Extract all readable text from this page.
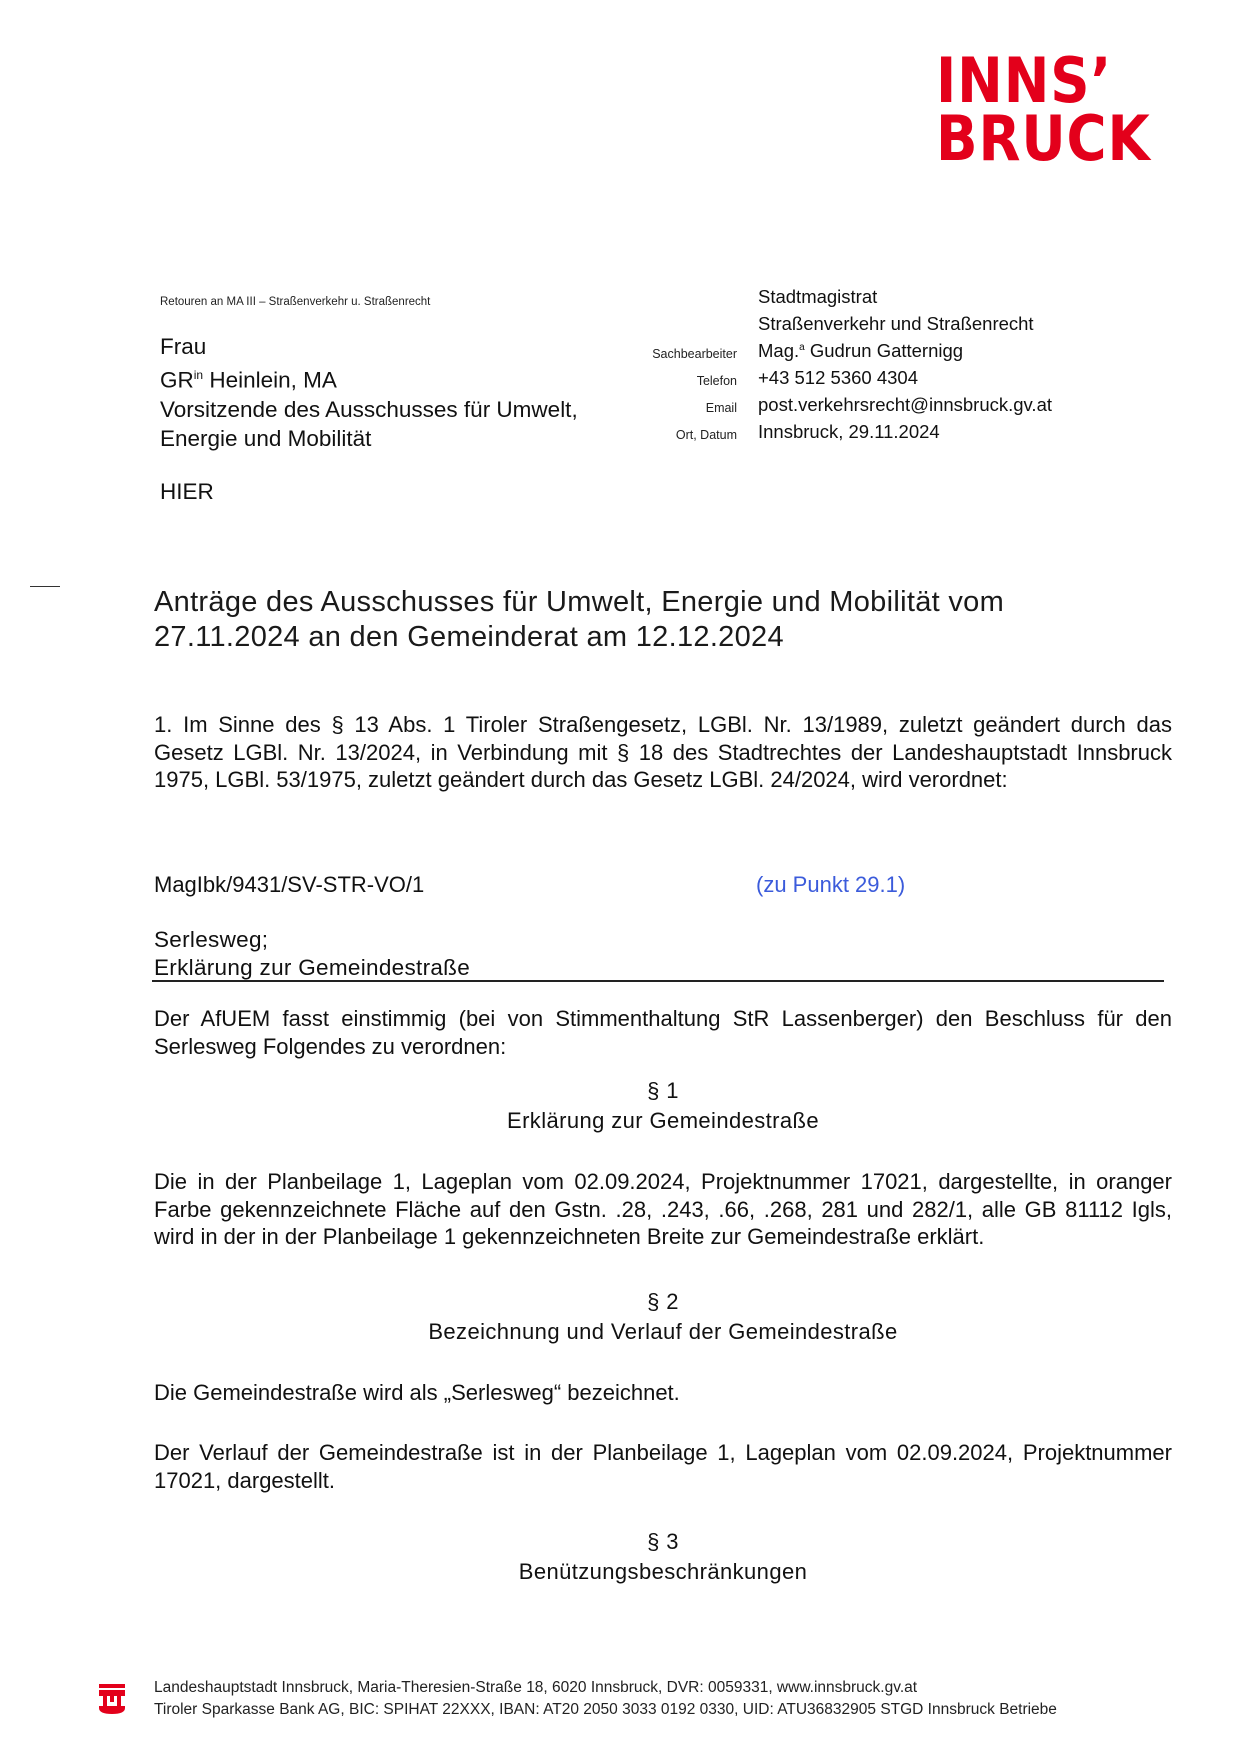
INNS’
BRUCK
Retouren an MA III – Straßenverkehr u. Straßenrecht
Frau
$GR^{in}$ Heinlein, MA
Vorsitzende des Ausschusses für Umwelt,
Energie und Mobilität
HIER
Stadtmagistrat
Straßenverkehr und Straßenrecht
Sachbearbeiter Mag.$^a$ Gudrun Gatternigg
Telefon +43 512 5360 4304
Email post.verkehrsrecht@innsbruck.gv.at
Ort, Datum Innsbruck, 29.11.2024
Anträge des Ausschusses für Umwelt, Energie und Mobilität vom 27.11.2024 an den Gemeinderat am 12.12.2024
1. Im Sinne des § 13 Abs. 1 Tiroler Straßengesetz, LGBl. Nr. 13/1989, zuletzt geändert durch das Gesetz LGBl. Nr. 13/2024, in Verbindung mit § 18 des Stadtrechtes der Landeshauptstadt Innsbruck 1975, LGBl. 53/1975, zuletzt geändert durch das Gesetz LGBl. 24/2024, wird verordnet:
MagIbk/9431/SV-STR-VO/1	(zu Punkt 29.1)
Serlesweg;
Erklärung zur Gemeindestraße
Der AfUEM fasst einstimmig (bei von Stimmenthaltung StR Lassenberger) den Beschluss für den Serlesweg Folgendes zu verordnen:
§ 1
Erklärung zur Gemeindestraße
Die in der Planbeilage 1, Lageplan vom 02.09.2024, Projektnummer 17021, dargestellte, in oranger Farbe gekennzeichnete Fläche auf den Gstn. .28, .243, .66, .268, 281 und 282/1, alle GB 81112 Igls, wird in der in der Planbeilage 1 gekennzeichneten Breite zur Gemeindestraße erklärt.
§ 2
Bezeichnung und Verlauf der Gemeindestraße
Die Gemeindestraße wird als „Serlesweg“ bezeichnet.
Der Verlauf der Gemeindestraße ist in der Planbeilage 1, Lageplan vom 02.09.2024, Projektnummer 17021, dargestellt.
§ 3
Benützungsbeschränkungen
Landeshauptstadt Innsbruck, Maria-Theresien-Straße 18, 6020 Innsbruck, DVR: 0059331, www.innsbruck.gv.at
Tiroler Sparkasse Bank AG, BIC: SPIHAT 22XXX, IBAN: AT20 2050 3033 0192 0330, UID: ATU36832905 STGD Innsbruck Betriebe
